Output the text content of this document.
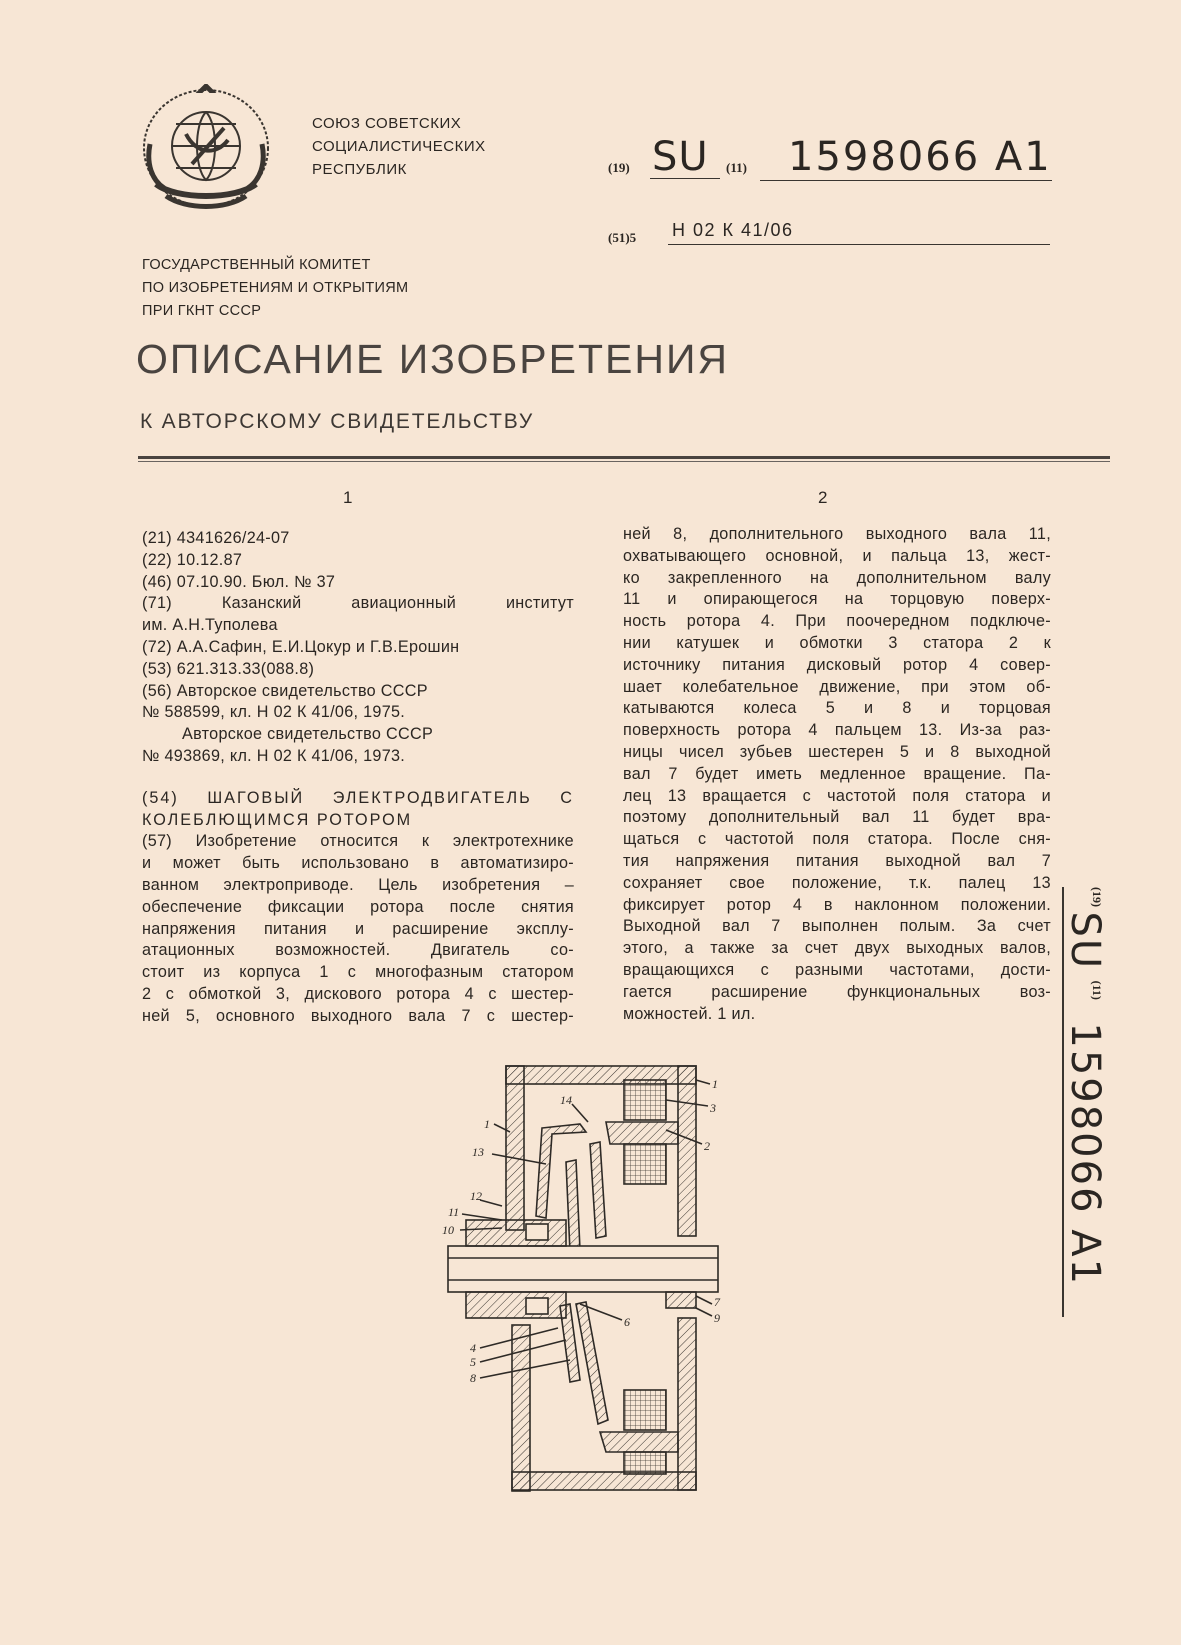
СОЮЗ СОВЕТСКИХ
СОЦИАЛИСТИЧЕСКИХ
РЕСПУБЛИК	(19) SU (11) 1598066 A1
(51)5 Н 02 К 41/06
ГОСУДАРСТВЕННЫЙ КОМИТЕТ
ПО ИЗОБРЕТЕНИЯМ И ОТКРЫТИЯМ
ПРИ ГКНТ СССР
ОПИСАНИЕ ИЗОБРЕТЕНИЯ
К АВТОРСКОМУ СВИДЕТЕЛЬСТВУ
1	2
(21) 4341626/24-07
(22) 10.12.87
(46) 07.10.90. Бюл. № 37
(71) Казанский авиационный институт
им. А.Н.Туполева
(72) А.А.Сафин, Е.И.Цокур и Г.В.Ерошин
(53) 621.313.33(088.8)
(56) Авторское свидетельство СССР
№ 588599, кл. Н 02 К 41/06, 1975.
Авторское свидетельство СССР
№ 493869, кл. Н 02 К 41/06, 1973.
(54) ШАГОВЫЙ ЭЛЕКТРОДВИГАТЕЛЬ С
КОЛЕБЛЮЩИМСЯ РОТОРОМ
(57) Изобретение относится к электротехнике
и может быть использовано в автоматизиро-
ванном электроприводе. Цель изобретения –
обеспечение фиксации ротора после снятия
напряжения питания и расширение эксплу-
атационных возможностей. Двигатель со-
стоит из корпуса 1 с многофазным статором
2 с обмоткой 3, дискового ротора 4 с шестер-
ней 5, основного выходного вала 7 с шестер-
ней 8, дополнительного выходного вала 11,
охватывающего основной, и пальца 13, жест-
ко закрепленного на дополнительном валу
11 и опирающегося на торцовую поверх-
ность ротора 4. При поочередном подключе-
нии катушек и обмотки 3 статора 2 к
источнику питания дисковый ротор 4 совер-
шает колебательное движение, при этом об-
катываются колеса 5 и 8 и торцовая
поверхность ротора 4 пальцем 13. Из-за раз-
ницы чисел зубьев шестерен 5 и 8 выходной
вал 7 будет иметь медленное вращение. Па-
лец 13 вращается с частотой поля статора и
поэтому дополнительный вал 11 будет вра-
щаться с частотой поля статора. После сня-
тия напряжения питания выходной вал 7
сохраняет свое положение, т.к. палец 13
фиксирует ротор 4 в наклонном положении.
Выходной вал 7 выполнен полым. За счет
этого, а также за счет двух выходных валов,
вращающихся с разными частотами, дости-
гается расширение функциональных воз-
можностей. 1 ил.
(19) SU (11) 1598066 A1
1
3
2
14
1
13
12
11
10
7
9
6
4
5
8
